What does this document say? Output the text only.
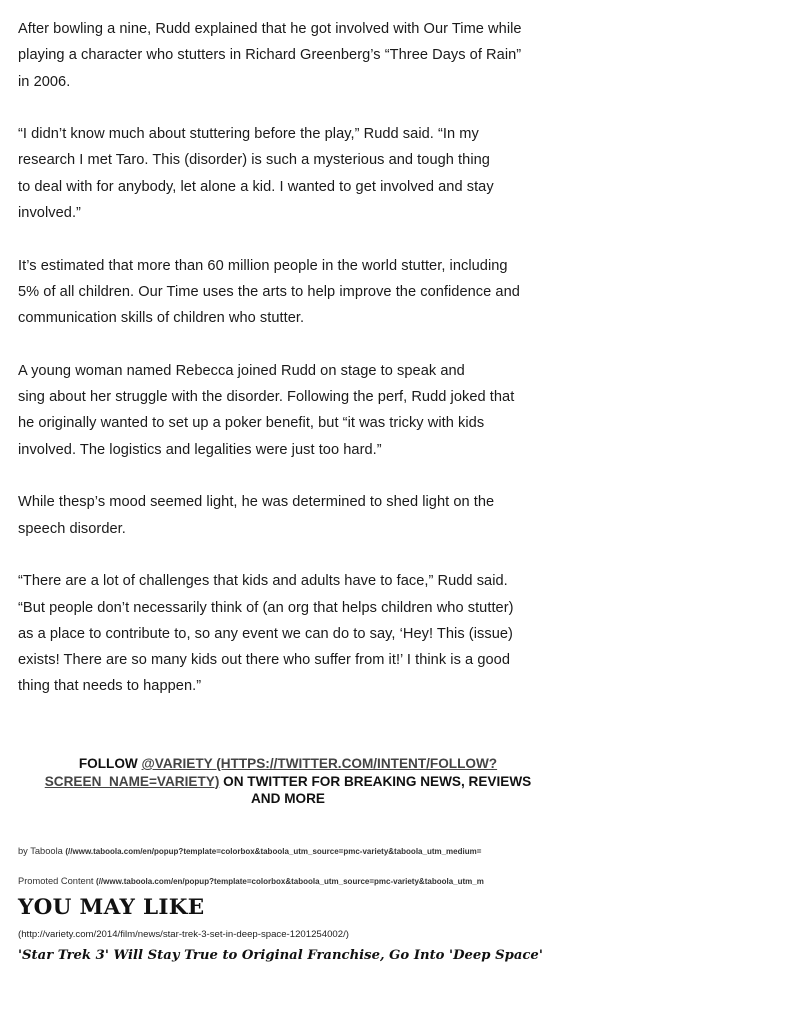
After bowling a nine, Rudd explained that he got involved with Our Time while
playing a character who stutters in Richard Greenberg’s “Three Days of Rain”
in 2006.

“I didn’t know much about stuttering before the play,” Rudd said. “In my
research I met Taro. This (disorder) is such a mysterious and tough thing
to deal with for anybody, let alone a kid. I wanted to get involved and stay
involved.”

It’s estimated that more than 60 million people in the world stutter, including
5% of all children. Our Time uses the arts to help improve the confidence and
communication skills of children who stutter.

A young woman named Rebecca joined Rudd on stage to speak and
sing about her struggle with the disorder. Following the perf, Rudd joked that
he originally wanted to set up a poker benefit, but “it was tricky with kids
involved. The logistics and legalities were just too hard.”

While thesp’s mood seemed light, he was determined to shed light on the
speech disorder.

“There are a lot of challenges that kids and adults have to face,” Rudd said.
“But people don’t necessarily think of (an org that helps children who stutter)
as a place to contribute to, so any event we can do to say, ‘Hey! This (issue)
exists! There are so many kids out there who suffer from it!’ I think is a good
thing that needs to happen.”

FOLLOW @VARIETY (HTTPS://TWITTER.COM/INTENT/FOLLOW?
SCREEN_NAME=VARIETY) ON TWITTER FOR BREAKING NEWS, REVIEWS
AND MORE
by Taboola (//www.taboola.com/en/popup?template=colorbox&taboola_utm_source=pmc-variety&taboola_utm_medium=
Promoted Content (//www.taboola.com/en/popup?template=colorbox&taboola_utm_source=pmc-variety&taboola_utm_m
YOU MAY LIKE
(http://variety.com/2014/film/news/star-trek-3-set-in-deep-space-1201254002/)
'Star Trek 3' Will Stay True to Original Franchise, Go Into 'Deep Space'
